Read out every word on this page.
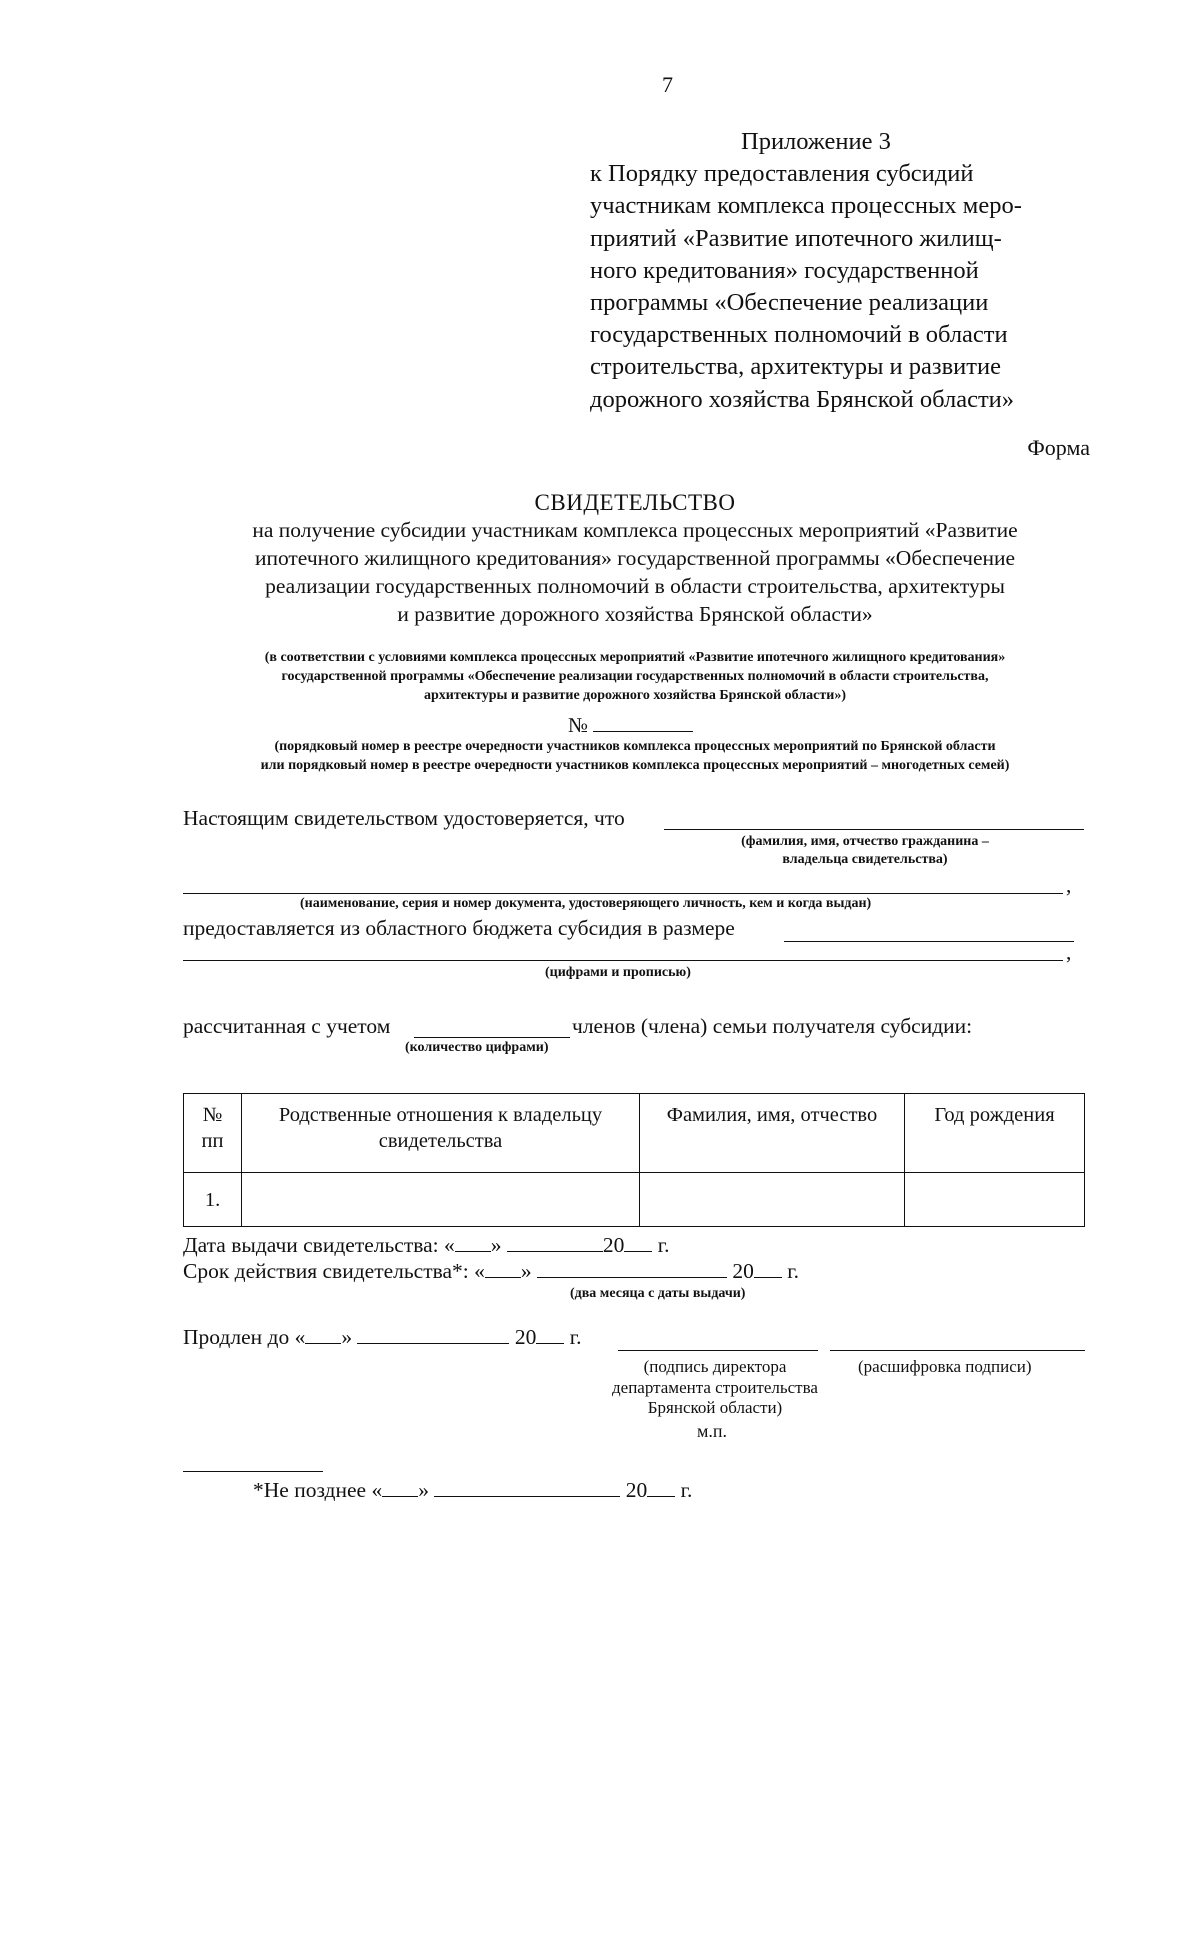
7
Приложение 3
к Порядку предоставления субсидий
участникам комплекса процессных меро-
приятий «Развитие ипотечного жилищ-
ного кредитования» государственной
программы «Обеспечение реализации
государственных полномочий в области
строительства, архитектуры и развитие
дорожного хозяйства Брянской области»
Форма
СВИДЕТЕЛЬСТВО
на получение субсидии участникам комплекса процессных мероприятий «Развитие
ипотечного жилищного кредитования» государственной программы «Обеспечение
реализации государственных полномочий в области строительства, архитектуры
и развитие дорожного хозяйства Брянской области»
(в соответствии с условиями комплекса процессных мероприятий «Развитие ипотечного жилищного кредитования»
государственной программы «Обеспечение реализации государственных полномочий в области строительства,
архитектуры и развитие дорожного хозяйства Брянской области»)
№
(порядковый номер в реестре очередности участников комплекса процессных мероприятий по Брянской области
или порядковый номер в реестре очередности участников комплекса процессных мероприятий – многодетных семей)
Настоящим свидетельством удостоверяется, что
(фамилия, имя, отчество гражданина –
владельца свидетельства)
,
(наименование, серия и номер документа, удостоверяющего личность, кем и когда выдан)
предоставляется из областного бюджета субсидия в размере
,
(цифрами и прописью)
рассчитанная с учетом	членов (члена) семьи получателя субсидии:
(количество цифрами)
№
пп	Родственные отношения к владельцу свидетельства	Фамилия, имя, отчество	Год рождения
1.			
Дата выдачи свидетельства: « »	20 г.
Срок действия свидетельства*: « »	20 г.
(два месяца с даты выдачи)
Продлен до « »	20 г.
(подпись директора
департамента строительства
Брянской области)
(расшифровка подписи)
м.п.
*Не позднее « »	20 г.
